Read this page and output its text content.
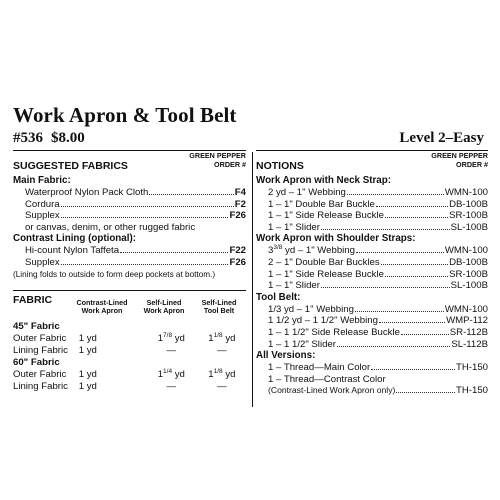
Work Apron & Tool Belt
#536 $8.00	Level 2–Easy
SUGGESTED FABRICS
GREEN PEPPER
ORDER #
Main Fabric:
Waterproof Nylon Pack Cloth	F4
Cordura	F2
Supplex	F26
or canvas, denim, or other rugged fabric
Contrast Lining (optional):
Hi-count Nylon Taffeta	F22
Supplex	F26
(Lining folds to outside to form deep pockets at bottom.)
FABRIC	Contrast-Lined
Work Apron
Self-Lined
Work Apron
Self-Lined
Tool Belt
45" Fabric			
Outer Fabric	1 yd	$1^{7/8}$ yd	$1^{1/8}$ yd
Lining Fabric	1 yd	—	—
60" Fabric			
Outer Fabric	1 yd	$1^{1/4}$ yd	$1^{1/8}$ yd
Lining Fabric	1 yd	—	—
NOTIONS
GREEN PEPPER
ORDER #
Work Apron with Neck Strap:
2 yd – 1" Webbing	WMN-100
1 – 1" Double Bar Buckle	DB-100B
1 – 1" Side Release Buckle	SR-100B
1 – 1" Slider	SL-100B
Work Apron with Shoulder Straps:
$3^{3/8}$ yd – 1" Webbing	WMN-100
2 – 1" Double Bar Buckles	DB-100B
1 – 1" Side Release Buckle	SR-100B
1 – 1" Slider	SL-100B
Tool Belt:
1/3 yd – 1" Webbing	WMN-100
1 1/2 yd – 1 1/2" Webbing	WMP-112
1 – 1 1/2" Side Release Buckle	SR-112B
1 – 1 1/2" Slider	SL-112B
All Versions:
1 – Thread—Main Color	TH-150
1 – Thread—Contrast Color
(Contrast-Lined Work Apron only)	TH-150
